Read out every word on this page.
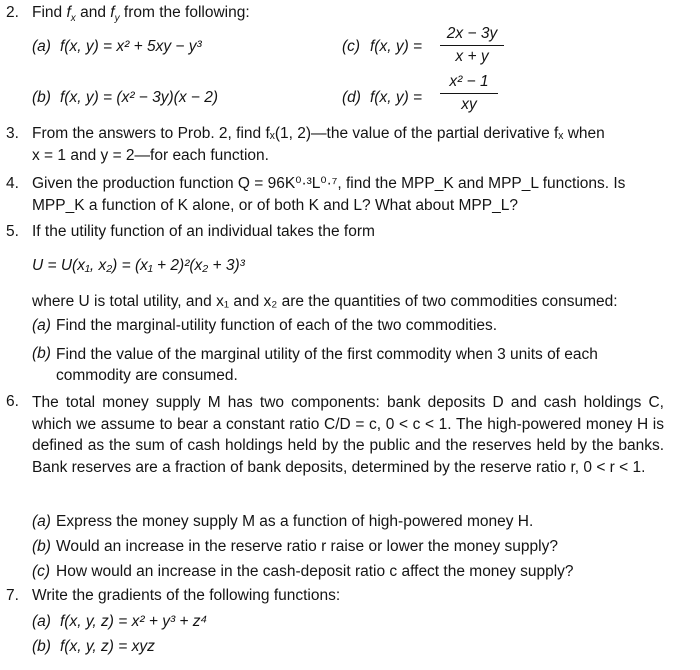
2. Find $f_x$ and $f_y$ from the following:
(a) f(x, y) = x² + 5xy − y³	(c) f(x, y) =
2x − 3y
x + y
(b) f(x, y) = (x² − 3y)(x − 2)	(d) f(x, y) =
x² − 1
xy
3. From the answers to Prob. 2, find fₓ(1, 2)—the value of the partial derivative fₓ when
x = 1 and y = 2—for each function.
4. Given the production function Q = 96K⁰·³L⁰·⁷, find the MPP_K and MPP_L functions. Is
MPP_K a function of K alone, or of both K and L? What about MPP_L?
5. If the utility function of an individual takes the form
U = U(x₁, x₂) = (x₁ + 2)²(x₂ + 3)³
where U is total utility, and x₁ and x₂ are the quantities of two commodities consumed:
(a) Find the marginal-utility function of each of the two commodities.
(b) Find the value of the marginal utility of the first commodity when 3 units of each commodity are consumed.
6. The total money supply M has two components: bank deposits D and cash holdings C, which we assume to bear a constant ratio C/D = c, 0 < c < 1. The high-powered money H is defined as the sum of cash holdings held by the public and the reserves held by the banks. Bank reserves are a fraction of bank deposits, determined by the reserve ratio r, 0 < r < 1.
(a) Express the money supply M as a function of high-powered money H.
(b) Would an increase in the reserve ratio r raise or lower the money supply?
(c) How would an increase in the cash-deposit ratio c affect the money supply?
7. Write the gradients of the following functions:
(a) f(x, y, z) = x² + y³ + z⁴
(b) f(x, y, z) = xyz
